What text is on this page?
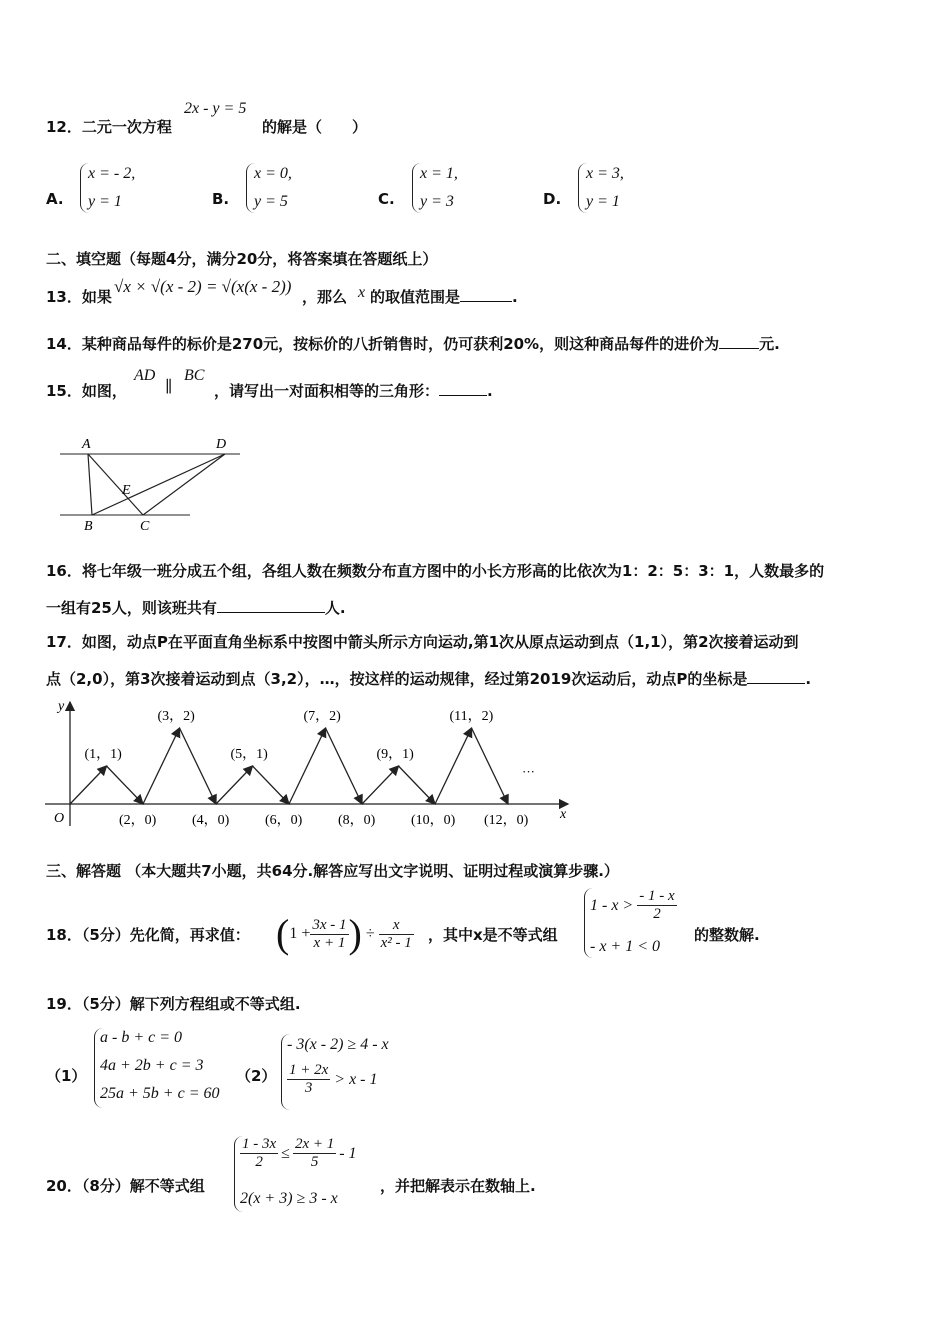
12．二元一次方程
2x - y = 5
的解是（　　）
A.
x = - 2,
y = 1	B.
x = 0,
y = 5	C.
x = 1,
y = 3	D.
x = 3,
y = 1
二、填空题（每题4分，满分20分，将答案填在答题纸上）
13．如果
√x × √(x - 2) = √(x(x - 2))
，那么 x 的取值范围是	.
14．某种商品每件的标价是270元，按标价的八折销售时，仍可获利20%，则这种商品每件的进价为	元.
15．如图，
AD
∥
BC
，请写出一对面积相等的三角形：	.
A	D
E
B	C
16．将七年级一班分成五个组，各组人数在频数分布直方图中的小长方形高的比依次为1：2：5：3：1，人数最多的
一组有25人，则该班共有	人.
17．如图，动点P在平面直角坐标系中按图中箭头所示方向运动,第1次从原点运动到点（1,1），第2次接着运动到
点（2,0），第3次接着运动到点（3,2），…，按这样的运动规律，经过第2019次运动后，动点P的坐标是	.
y
x
O
(1，1)
(3，2)
(5，1)
(7，2)
(9，1)
(11，2)
(2，0)	(4，0)	(6，0)	(8，0)	(10，0) (12，0)
···
三、解答题 （本大题共7小题，共64分.解答应写出文字说明、证明过程或演算步骤.）
18．（5分）先化简，再求值： ( $1 + \frac{3x - 1}{x + 1}$ ) ÷ $\frac{x}{\text{x² - 1}}$ ，其中x是不等式组
$1 - x > \frac{- 1 - x}{2}$
- x + 1 < 0
的整数解.
19．（5分）解下列方程组或不等式组.
（1）
a - b + c = 0
4a + 2b + c = 3
25a + 5b + c = 60
（2）
- 3(x - 2) ≥ 4 - x
$\frac{1 + 2x}{3} > x - 1$
20．（8分）解不等式组
$\frac{1 - 3x}{2} \le \frac{2x + 1}{5} - 1$
2(x + 3) ≥ 3 - x
，并把解表示在数轴上.
